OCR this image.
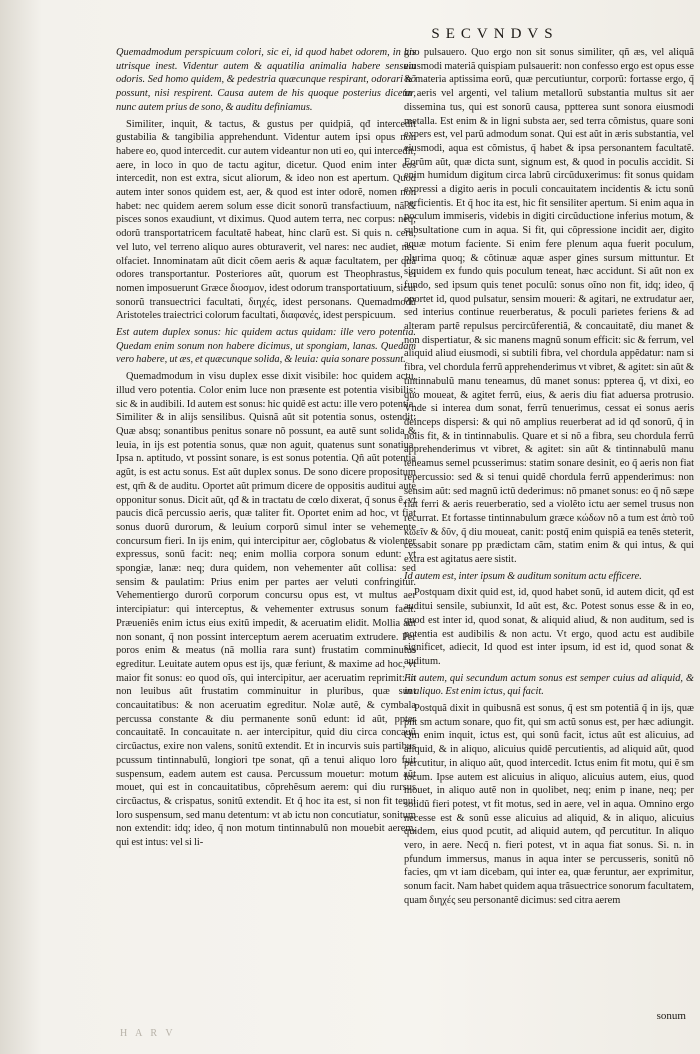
SECVNDVS

Quemadmodum perspicuum colori, sic ei, id quod habet odorem, in his utrisque inest. Videntur autem & aquatilia animalia habere sensum odoris. Sed homo quidem, & pedestria quæcunque respirant, odorari nõ possunt, nisi respirent. Causa autem de his quoque posterius dicetur, nunc autem prius de sono, & auditu definiamus.

Similiter, inquit, & tactus, & gustus per quidpiã, qđ intercedit gustabilia & tangibilia apprehendunt. Videntur autem ipsi opus non habere eo, quod intercedit. cur autem videantur non uti eo, qui intercedit, aere, in loco in quo de tactu agitur, dicetur. Quod enim inter eos intercedit, non est extra, sicut aliorum, & ideo non est apertum. Quod autem inter sonos quidem est, aer, & quod est inter odorẽ, nomen non habet: nec quidem aerem solum esse dicit sonorũ transfactiuum, nã & pisces sonos exaudiunt, vt diximus. Quod autem terra, nec corpus: neq; odorũ transportatricem facultatẽ habeat, hinc clarũ est. Si quis n. cera, vel luto, vel terreno aliquo aures obturaverit, vel nares: nec audiet, nec olfaciet. Innominatam aũt dicit cõem aeris & aquæ facultatem, per quã odores transportantur. Posteriores aũt, quorum est Theophrastus, ei nomen imposuerunt Græce διοσμον, idest odorum transportatiuum, sicut sonorũ transuectrici facultati, διηχές, idest personans. Quemadmodũ Aristoteles traiectrici colorum facultati, διαφανές, idest perspicuum.

Est autem duplex sonus: hic quidem actus quidam: ille vero potentia. Quedam enim sonum non habere dicimus, ut spongiam, lanas. Quedam vero habere, ut æs, et quæcunque solida, & leuia: quia sonare possunt.

Quemadmodum in visu duplex esse dixit visibile: hoc quidem actu, illud vero potentia. Color enim luce non præsente est potentia visibilis: sic & in audibili. Id autem est sonus: hic quidẽ est actu: ille vero potentia. Similiter & in alijs sensilibus. Quisnã aũt sit potentia sonus, ostendit: Quæ absq; sonantibus penitus sonare nõ possunt, ea autẽ sunt solida & leuia, in ijs est potentia sonus, quæ non aguit, quatenus sunt sonatiua. Ipsa n. aptitudo, vt possint sonare, is est sonus potentia. Qñ aũt potentia agũt, is est actu sonus. Est aũt duplex sonus. De sono dicere propositum est, qm̃ & de auditu. Oportet aũt primum dicere de oppositis auditui aute opponitur sonus. Dicit aũt, qđ & in tractatu de cœlo dixerat, q̃ sonus ẽ, vt paucis dicã percussio aeris, quæ taliter fit. Oportet enim ad hoc, vt fiat sonus duorũ durorum, & leuium corporũ simul inter se vehemente concursum fieri. In ijs enim, qui intercipitur aer, cõglobatus & violenter expressus, sonũ facit: neq; enim mollia corpora sonum edunt: vt spongiæ, lanæ: neq; dura quidem, non vehementer aũt collisa: sed sensim & paulatim: Prius enim per partes aer veluti confringitur. Vehementiergo durorũ corporum concursu opus est, vt multus aer intercipiatur: qui interceptus, & vehementer extrusus sonum facit. Præueniẽs enim ictus eius exitũ impedit, & aceruatim elidit. Mollia aũt non sonant, q̃ non possint interceptum aerem aceruatim extrudere. Per poros enim & meatus (nã mollia rara sunt) frustatim comminutus egreditur. Leuitate autem opus est ijs, quæ feriunt, & maxime ad hoc, vt maior fit sonus: eo quod oĩs, qui intercipitur, aer aceruatim reprimit: in non leuibus aũt frustatim comminuitur in pluribus, quæ sunt concauitatibus: & non aceruatim egreditur. Nolæ autẽ, & cymbala percussa constante & diu permanente sonũ edunt: id aũt, ppter concauitatẽ. In concauitate n. aer intercipitur, quid diu circa concauũ circũactus, exire non valens, sonitũ extendit. Et in incurvis suis partibus pcussum tintinnabulũ, longiori tpe sonat, qñ a tenui aliquo loro fuit suspensum, eadem autem est causa. Percussum mouetur: motum aũt mouet, qui est in concauitatibus, cõprehẽsum aerem: qui diu rursus circũactus, & crispatus, sonitũ extendit. Et q̃ hoc ita est, si non fit tenui loro suspensum, sed manu detentum: vt ab ictu non concutiatur, sonitum non extendit: idq; ideo, q̃ non motum tintinnabulũ non mouebit aerem, qui est intus: vel si li-

gno pulsauero. Quo ergo non sit sonus similiter, qñ æs, vel aliquã eiusmodi materiã quispiam pulsauerit: non confesso ergo est opus esse & materia aptissima eorũ, quæ percutiuntur, corporũ: fortasse ergo, q̃ in aeris vel argenti, vel talium metallorũ substantia multus sit aer dissemina tus, qui est sonorũ causa, pptterea sunt sonora eiusmodi metalla. Est enim & in ligni substa aer, sed terra cõmistus, quare soni expers est, vel parũ admodum sonat. Qui est aũt in æris substantia, vel eiusmodi, aqua est cõmistus, q̃ habet & ipsa personantem facultatẽ. Eorũm aũt, quæ dicta sunt, signum est, & quod in poculis accidit. Si enim humidum digitum circa labrũ circũduxerimus: fit sonus quidam expressi a digito aeris in poculi concauitatem incidentis & ictu sonũ perficientis. Et q̃ hoc ita est, hic fit sensiliter apertum. Si enim aqua in poculum immiseris, videbis in digiti circũductione inferius motum, & subsultatione cum in aqua. Si fit, qui cõpressione incidit aer, digito aquæ motum faciente. Si enim fere plenum aqua fuerit poculum, plurima quoq; & cõtinuæ aquæ asper gines sursum mittuntur. Et siquidem ex fundo quis poculum teneat, hæc accidunt. Si aũt non ex fundo, sed ipsum quis tenet poculũ: sonus oĩno non fit, idq; ideo, q̃ oportet id, quod pulsatur, sensim moueri: & agitari, ne extrudatur aer, sed interius continue reuerberatus, & poculi parietes feriens & ad alteram partẽ repulsus percircũferentiã, & concauitatẽ, diu manet & non dispertiatur, & sic manens magnũ sonum efficit: sic & ferrum, vel aliquid aliud eiusmodi, si subtili fibra, vel chordula appẽdatur: nam si fibra, vel chordula ferrũ apprehenderimus vt vibret, & agitet: sin aũt & tintinnabulũ manu teneamus, dũ manet sonus: ppterea q̃, vt dixi, eo quo moueat, & agitet ferrũ, eius, & aeris diu fiat aduersa protrusio. Vnde si interea dum sonat, ferrũ tenuerimus, cessat ei sonus aeris deinceps dispersi: & qui nõ amplius reuerberat ad id qđ sonorũ, q̃ in nolis fit, & in tintinnabulis. Quare et si nõ a fibra, seu chordula ferrũ apprehenderimus vt vibret, & agitet: sin aũt & tintinnabulũ manu teneamus semel pcusserimus: statim sonare desinit, eo q̃ aeris non fiat repercussio: sed & si tenui quidẽ chordula ferrũ appenderimus: non sensim aũt: sed magnũ ictũ dederimus: nõ pmanet sonus: eo q̃ nõ sæpe fiat ferri & aeris reuerberatio, sed a violẽto ictu aer semel trusus non recurrat. Et fortasse tintinnabulum græce κώδων nõ a tum est ἀπὸ τοῦ κωεῖν & δῦν, q̃ diu moueat, canit: postq̃ enim quispiã ea tenẽs steterit, cessabit sonare pp prædictam cãm, statim enim & qui intus, & qui extra est agitatus aere sistit.

Id autem est, inter ipsum & auditum sonitum actu efficere.

Postquam dixit quid est, id, quod habet sonũ, id autem dicit, qđ est auditui sensile, subiunxit, Id aũt est, &c. Potest sonus esse & in eo, quod est inter id, quod sonat, & aliquid aliud, & non auditum, sed is potentia est audibilis & non actu. Vt ergo, quod actu est audibile significet, adiecit, Id quod est inter ipsum, id est id, quod sonat & auditum.

Fit autem, qui secundum actum sonus est semper cuius ad aliquid, & in aliquo. Est enim ictus, qui facit.

Postquã dixit in quibusnã est sonus, q̃ est sm potentiã q̃ in ijs, quæ pñt sm actum sonare, quo fit, qui sm actũ sonus est, per hæc adiungit. Qm enim inquit, ictus est, qui sonũ facit, ictus aũt est alicuius, ad aliquid, & in aliquo, alicuius quidẽ percutientis, ad aliquid aũt, quod percutitur, in aliquo aũt, quod intercedit. Ictus enim fit motu, qui ẽ sm locum. Ipse autem est alicuius in aliquo, alicuius autem, eius, quod mouet, in aliquo autẽ non in quolibet, neq; enim p inane, neq; per solidũ fieri potest, vt fit motus, sed in aere, vel in aqua. Omnino ergo necesse est & sonũ esse alicuius ad aliquid, & in aliquo, alicuius quidem, eius quod pcutit, ad aliquid autem, qđ percutitur. In aliquo vero, in aere. Necq̃ n. fieri potest, vt in aqua fiat sonus. Si. n. in pfundum immersus, manus in aqua inter se percusseris, sonitũ nõ facies, qm vt iam dicebam, qui inter ea, quæ feruntur, aer exprimitur, sonum facit. Nam habet quidem aqua trãsuectrice sonorum facultatem, quam διηχές seu personantẽ dicimus: sed citra aerem

sonum
H A R V
